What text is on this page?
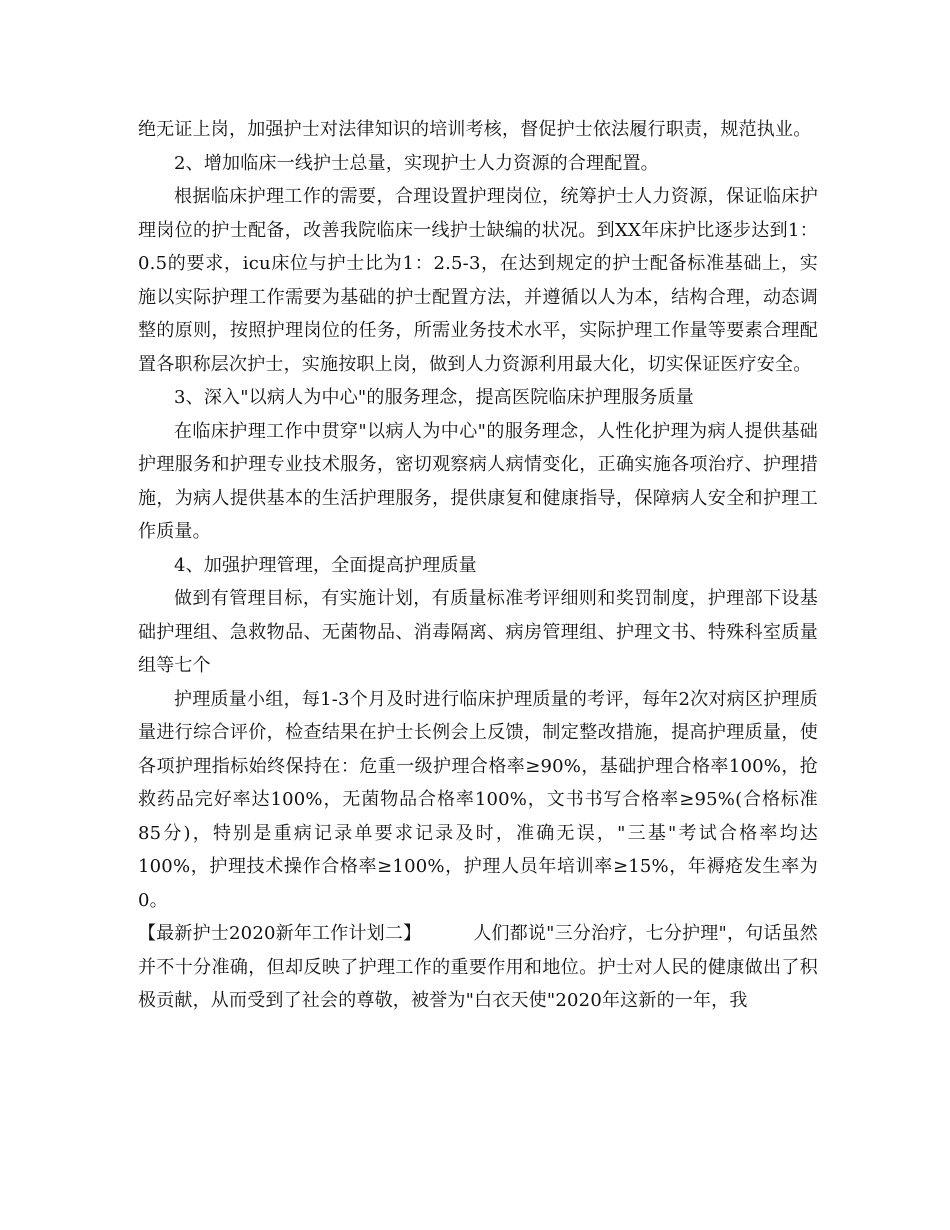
绝无证上岗，加强护士对法律知识的培训考核，督促护士依法履行职责，规范执业。

2、增加临床一线护士总量，实现护士人力资源的合理配置。

根据临床护理工作的需要，合理设置护理岗位，统筹护士人力资源，保证临床护理岗位的护士配备，改善我院临床一线护士缺编的状况。到XX年床护比逐步达到1：0.5的要求，icu床位与护士比为1：2.5-3，在达到规定的护士配备标准基础上，实施以实际护理工作需要为基础的护士配置方法，并遵循以人为本，结构合理，动态调整的原则，按照护理岗位的任务，所需业务技术水平，实际护理工作量等要素合理配置各职称层次护士，实施按职上岗，做到人力资源利用最大化，切实保证医疗安全。

3、深入"以病人为中心"的服务理念，提高医院临床护理服务质量

在临床护理工作中贯穿"以病人为中心"的服务理念，人性化护理为病人提供基础护理服务和护理专业技术服务，密切观察病人病情变化，正确实施各项治疗、护理措施，为病人提供基本的生活护理服务，提供康复和健康指导，保障病人安全和护理工作质量。

4、加强护理管理，全面提高护理质量

做到有管理目标，有实施计划，有质量标准考评细则和奖罚制度，护理部下设基础护理组、急救物品、无菌物品、消毒隔离、病房管理组、护理文书、特殊科室质量组等七个

护理质量小组，每1-3个月及时进行临床护理质量的考评，每年2次对病区护理质量进行综合评价，检查结果在护士长例会上反馈，制定整改措施，提高护理质量，使各项护理指标始终保持在：危重一级护理合格率≥90%，基础护理合格率100%，抢救药品完好率达100%，无菌物品合格率100%，文书书写合格率≥95%(合格标准85分)，特别是重病记录单要求记录及时，准确无误，"三基"考试合格率均达100%，护理技术操作合格率≥100%，护理人员年培训率≥15%，年褥疮发生率为0。

【最新护士2020新年工作计划二】	人们都说"三分治疗，七分护理"，句话虽然并不十分准确，但却反映了护理工作的重要作用和地位。护士对人民的健康做出了积极贡献，从而受到了社会的尊敬，被誉为"白衣天使"2020年这新的一年，我
